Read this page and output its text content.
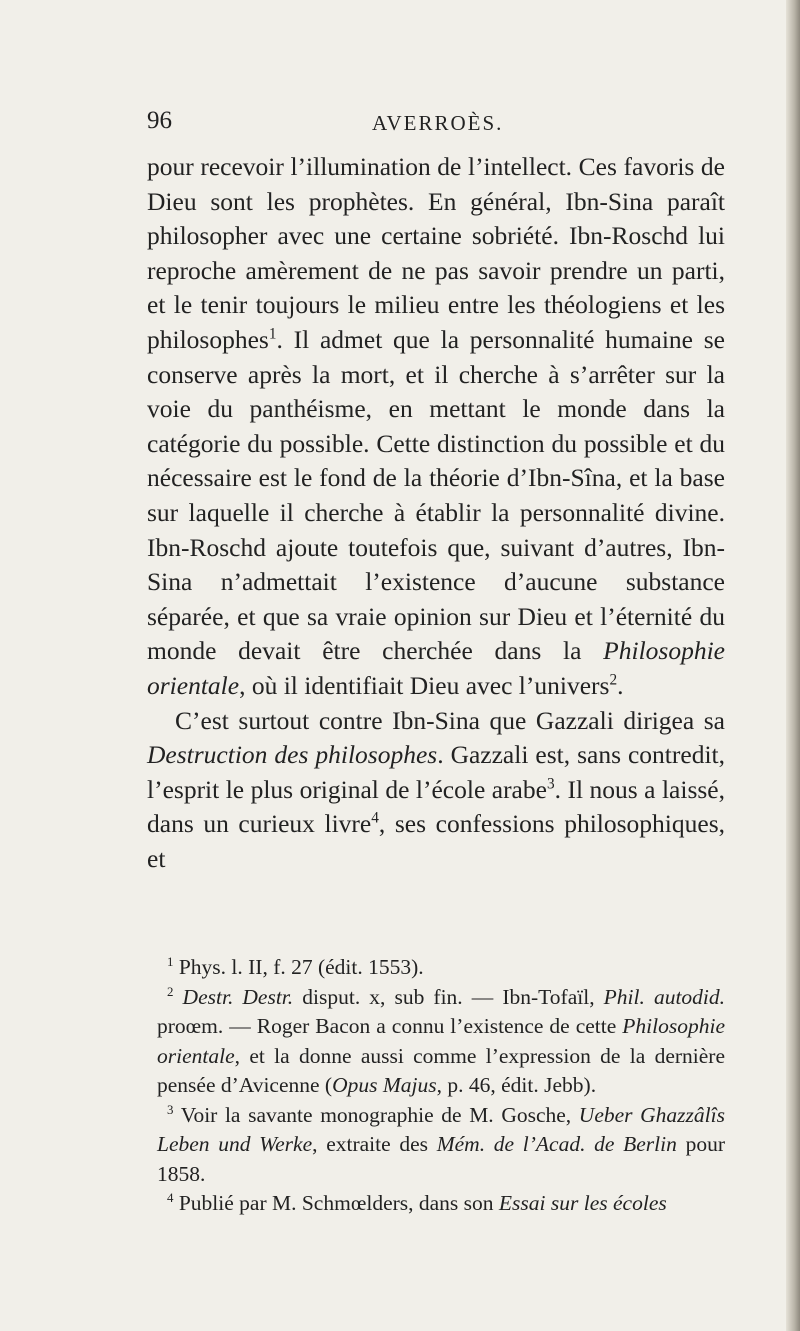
96	AVERROÈS.

pour recevoir l’illumination de l’intellect. Ces favoris de Dieu sont les prophètes. En général, Ibn-Sina paraît philosopher avec une certaine sobriété. Ibn-Roschd lui reproche amèrement de ne pas savoir prendre un parti, et le tenir toujours le milieu entre les théologiens et les philosophes$^1$. Il admet que la personnalité humaine se conserve après la mort, et il cherche à s’arrêter sur la voie du panthéisme, en mettant le monde dans la catégorie du possible. Cette distinction du possible et du nécessaire est le fond de la théorie d’Ibn-Sîna, et la base sur laquelle il cherche à établir la personnalité divine. Ibn-Roschd ajoute toutefois que, suivant d’autres, Ibn-Sina n’admettait l’existence d’aucune substance séparée, et que sa vraie opinion sur Dieu et l’éternité du monde devait être cherchée dans la Philosophie orientale, où il identifiait Dieu avec l’univers$^2$.

C’est surtout contre Ibn-Sina que Gazzali dirigea sa Destruction des philosophes. Gazzali est, sans contredit, l’esprit le plus original de l’école arabe$^3$. Il nous a laissé, dans un curieux livre$^4$, ses confessions philosophiques, et

$^1$ Phys. l. II, f. 27 (édit. 1553).

$^2$ Destr. Destr. disput. x, sub fin. — Ibn-Tofaïl, Phil. autodid. proœm. — Roger Bacon a connu l’existence de cette Philosophie orientale, et la donne aussi comme l’expression de la dernière pensée d’Avicenne (Opus Majus, p. 46, édit. Jebb).

$^3$ Voir la savante monographie de M. Gosche, Ueber Ghazzâlîs Leben und Werke, extraite des Mém. de l’Acad. de Berlin pour 1858.

$^4$ Publié par M. Schmœlders, dans son Essai sur les écoles
